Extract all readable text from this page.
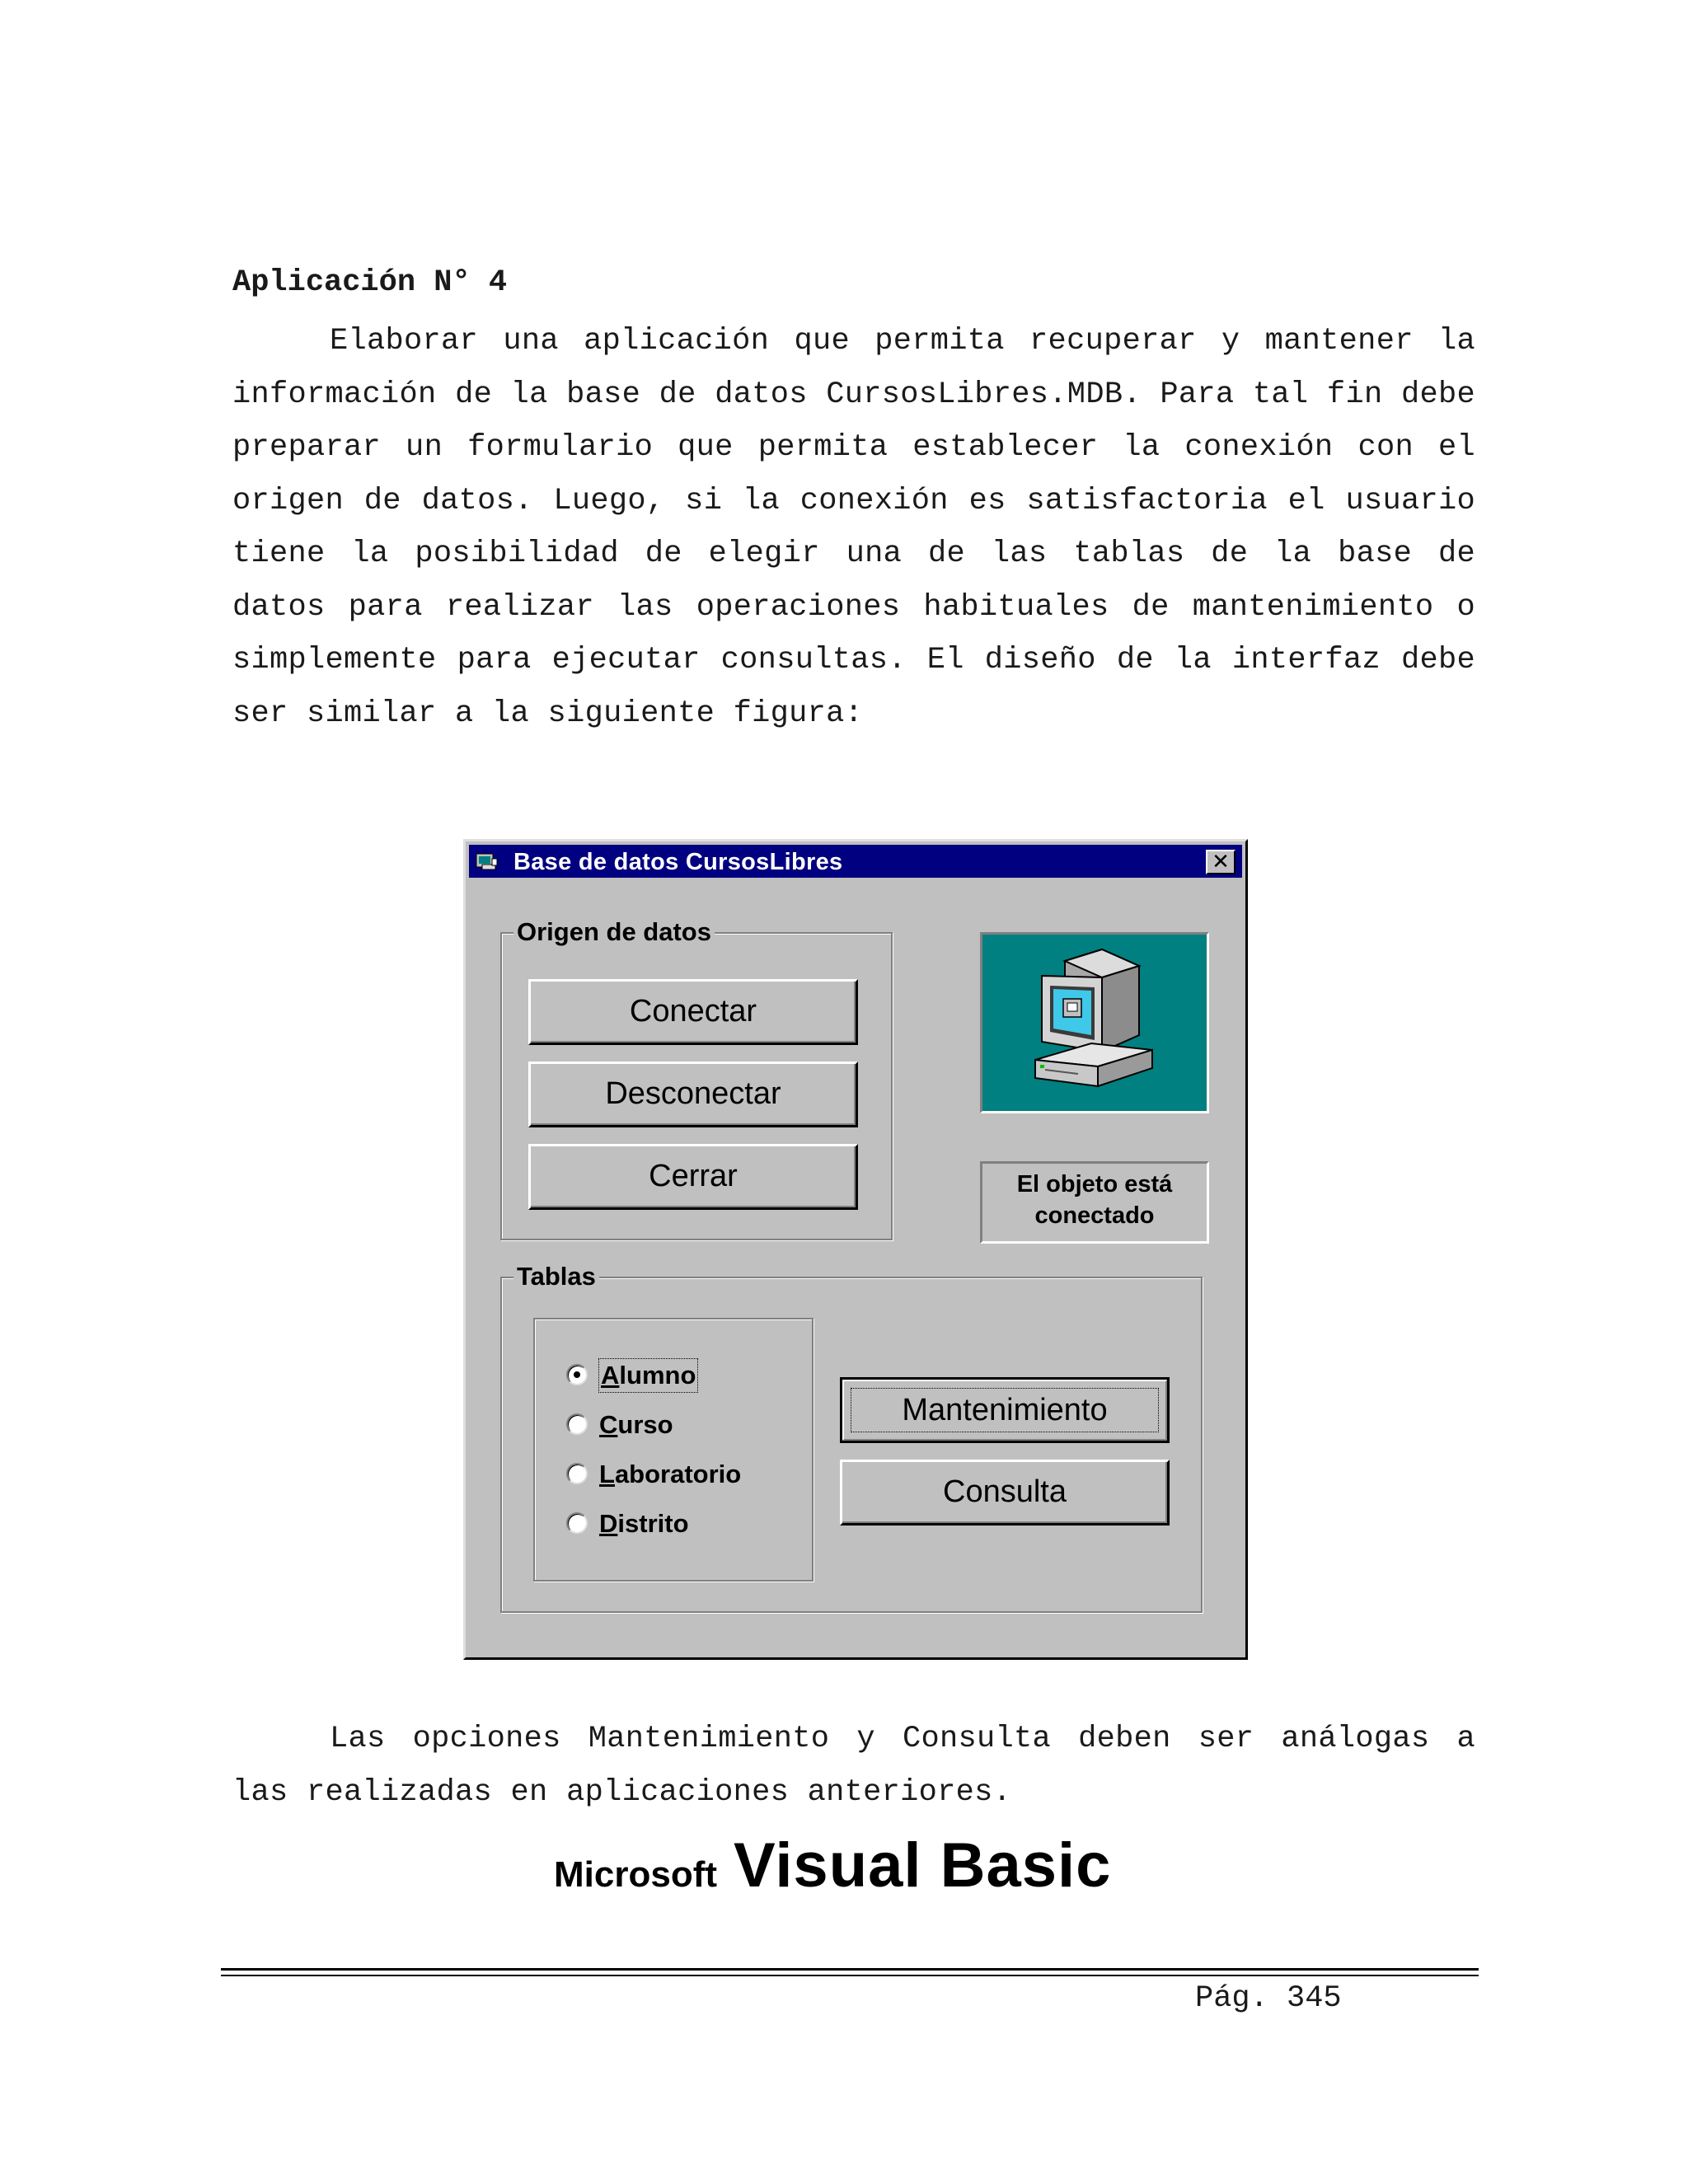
Aplicación N° 4

Elaborar una aplicación que permita recuperar y mantener la información de la base de datos CursosLibres.MDB. Para tal fin debe preparar un formulario que permita establecer la conexión con el origen de datos. Luego, si la conexión es satisfactoria el usuario tiene la posibilidad de elegir una de las tablas de la base de datos para realizar las operaciones habituales de mantenimiento o simplemente para ejecutar consultas. El diseño de la interfaz debe ser similar a la siguiente figura:

Base de datos CursosLibres	✕
Origen de datos
Conectar
Desconectar
Cerrar	El objeto está
conectado
Tablas
Alumno
Curso
Laboratorio
Distrito
Mantenimiento
Consulta

Las opciones Mantenimiento y Consulta deben ser análogas a las realizadas en aplicaciones anteriores.

Microsoft Visual Basic

Pág. 345
